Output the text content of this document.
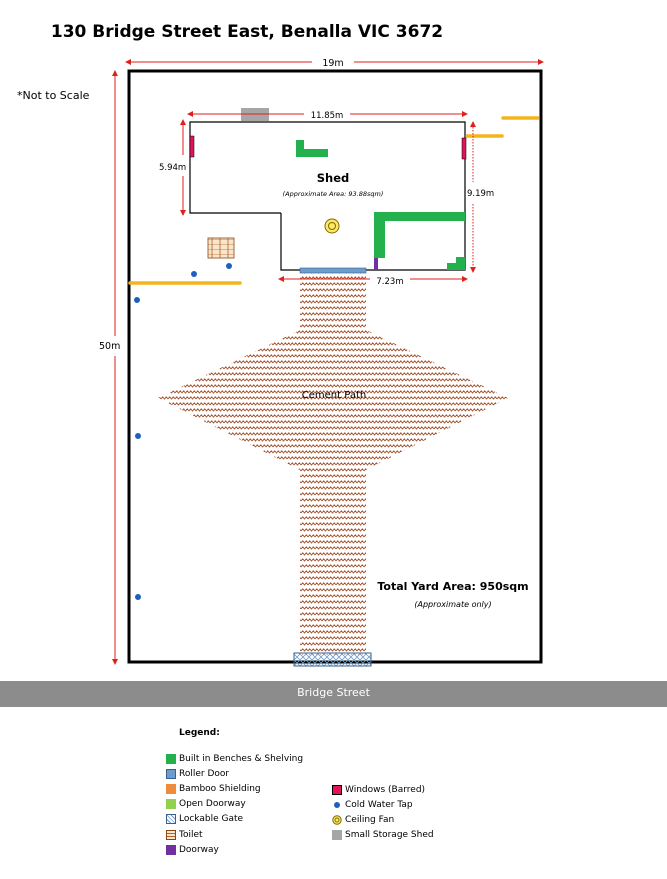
130 Bridge Street East, Benalla VIC 3672
*Not to Scale
19m
50m
11.85m
5.94m
9.19m
7.23m
Shed
(Approximate Area: 93.88sqm)
Cement Path
Total Yard Area: 950sqm
(Approximate only)
Bridge Street
Legend:
Built in Benches & Shelving
Roller Door
Bamboo Shielding
Open Doorway
Lockable Gate
Toilet
Doorway
Windows (Barred)
Cold Water Tap
Ceiling Fan
Small Storage Shed
